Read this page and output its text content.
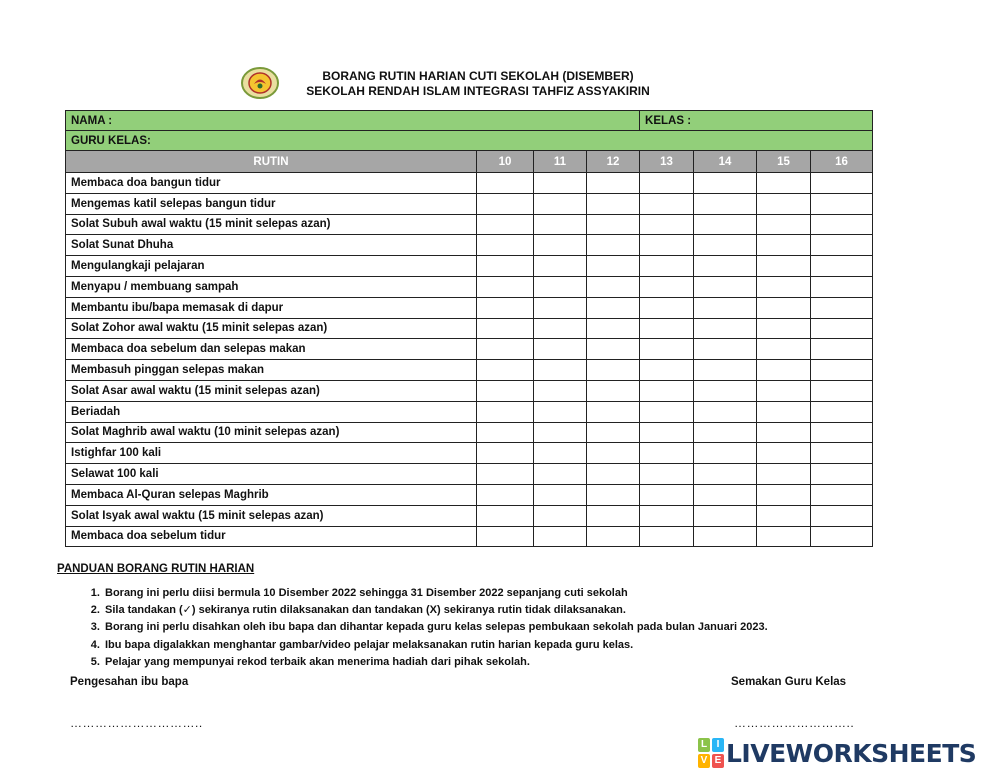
BORANG RUTIN HARIAN CUTI SEKOLAH (DISEMBER)
SEKOLAH RENDAH ISLAM INTEGRASI TAHFIZ ASSYAKIRIN
NAMA :				KELAS :			
GURU KELAS:							
RUTIN	10	11	12	13	14	15	16
Membaca doa bangun tidur							
Mengemas katil selepas bangun tidur							
Solat Subuh awal waktu (15 minit selepas azan)							
Solat Sunat Dhuha							
Mengulangkaji pelajaran							
Menyapu / membuang sampah							
Membantu ibu/bapa memasak di dapur							
Solat Zohor awal waktu (15 minit selepas azan)							
Membaca doa sebelum dan selepas makan							
Membasuh pinggan selepas makan							
Solat Asar awal waktu (15 minit selepas azan)							
Beriadah							
Solat Maghrib awal waktu (10 minit selepas azan)							
Istighfar 100 kali							
Selawat 100 kali							
Membaca Al-Quran selepas Maghrib							
Solat Isyak awal waktu (15 minit selepas azan)							
Membaca doa sebelum tidur							
PANDUAN BORANG RUTIN HARIAN
1. Borang ini perlu diisi bermula 10 Disember 2022 sehingga 31 Disember 2022 sepanjang cuti sekolah
2. Sila tandakan (✓) sekiranya rutin dilaksanakan dan tandakan (X) sekiranya rutin tidak dilaksanakan.
3. Borang ini perlu disahkan oleh ibu bapa dan dihantar kepada guru kelas selepas pembukaan sekolah pada bulan Januari 2023.
4. Ibu bapa digalakkan menghantar gambar/video pelajar melaksanakan rutin harian kepada guru kelas.
5. Pelajar yang mempunyai rekod terbaik akan menerima hadiah dari pihak sekolah.
Pengesahan ibu bapa	Semakan Guru Kelas
…………………………..	………………………..
L I
V E LIVEWORKSHEETS
